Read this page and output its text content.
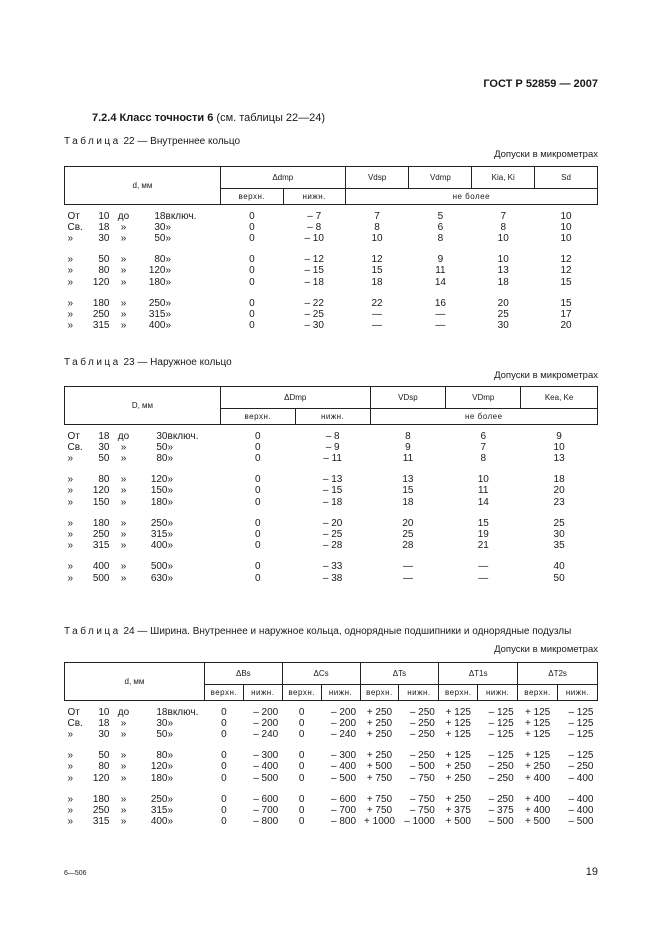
ГОСТ Р 52859 — 2007
7.2.4 Класс точности 6 (см. таблицы 22—24)
Таблица 22 — Внутреннее кольцо
Допуски в микрометрах
d, мм	Δdmp		Vdsp	Vdmp	Kia, Ki	Sd
	верхн.	нижн.	не более			

От 10 до 18включ.	0	– 7	7	5	7	10
Св. 18 » 30»	0	– 8	8	6	8	10
» 30 » 50»	0	– 10	10	8	10	10

» 50 » 80»	0	– 12	12	9	10	12
» 80 » 120»	0	– 15	15	11	13	12
» 120 » 180»	0	– 18	18	14	18	15

» 180 » 250»	0	– 22	22	16	20	15
» 250 » 315»	0	– 25	—	—	25	17
» 315 » 400»	0	– 30	—	—	30	20
Таблица 23 — Наружное кольцо
Допуски в микрометрах
D, мм	ΔDmp		VDsp	VDmp	Kea, Ke
	верхн.	нижн.	не более		

От 18 до 30включ.	0	– 8	8	6	9
Св. 30 » 50»	0	– 9	9	7	10
» 50 » 80»	0	– 11	11	8	13

» 80 » 120»	0	– 13	13	10	18
» 120 » 150»	0	– 15	15	11	20
» 150 » 180»	0	– 18	18	14	23

» 180 » 250»	0	– 20	20	15	25
» 250 » 315»	0	– 25	25	19	30
» 315 » 400»	0	– 28	28	21	35

» 400 » 500»	0	– 33	—	—	40
» 500 » 630»	0	– 38	—	—	50
Таблица 24 — Ширина. Внутреннее и наружное кольца, однорядные подшипники и однорядные подузлы
Допуски в микрометрах
d, мм	ΔBs		ΔCs		ΔTs		ΔT1s		ΔT2s	
	верхн.	нижн.	верхн.	нижн.	верхн.	нижн.	верхн.	нижн.	верхн.	нижн.

От 10 до 18включ.	0	– 200	0	– 200	+ 250	– 250	+ 125	– 125	+ 125	– 125
Св. 18 » 30»	0	– 200	0	– 200	+ 250	– 250	+ 125	– 125	+ 125	– 125
» 30 » 50»	0	– 240	0	– 240	+ 250	– 250	+ 125	– 125	+ 125	– 125

» 50 » 80»	0	– 300	0	– 300	+ 250	– 250	+ 125	– 125	+ 125	– 125
» 80 » 120»	0	– 400	0	– 400	+ 500	– 500	+ 250	– 250	+ 250	– 250
» 120 » 180»	0	– 500	0	– 500	+ 750	– 750	+ 250	– 250	+ 400	– 400

» 180 » 250»	0	– 600	0	– 600	+ 750	– 750	+ 250	– 250	+ 400	– 400
» 250 » 315»	0	– 700	0	– 700	+ 750	– 750	+ 375	– 375	+ 400	– 400
» 315 » 400»	0	– 800	0	– 800	+ 1000	– 1000	+ 500	– 500	+ 500	– 500
6—506	19
